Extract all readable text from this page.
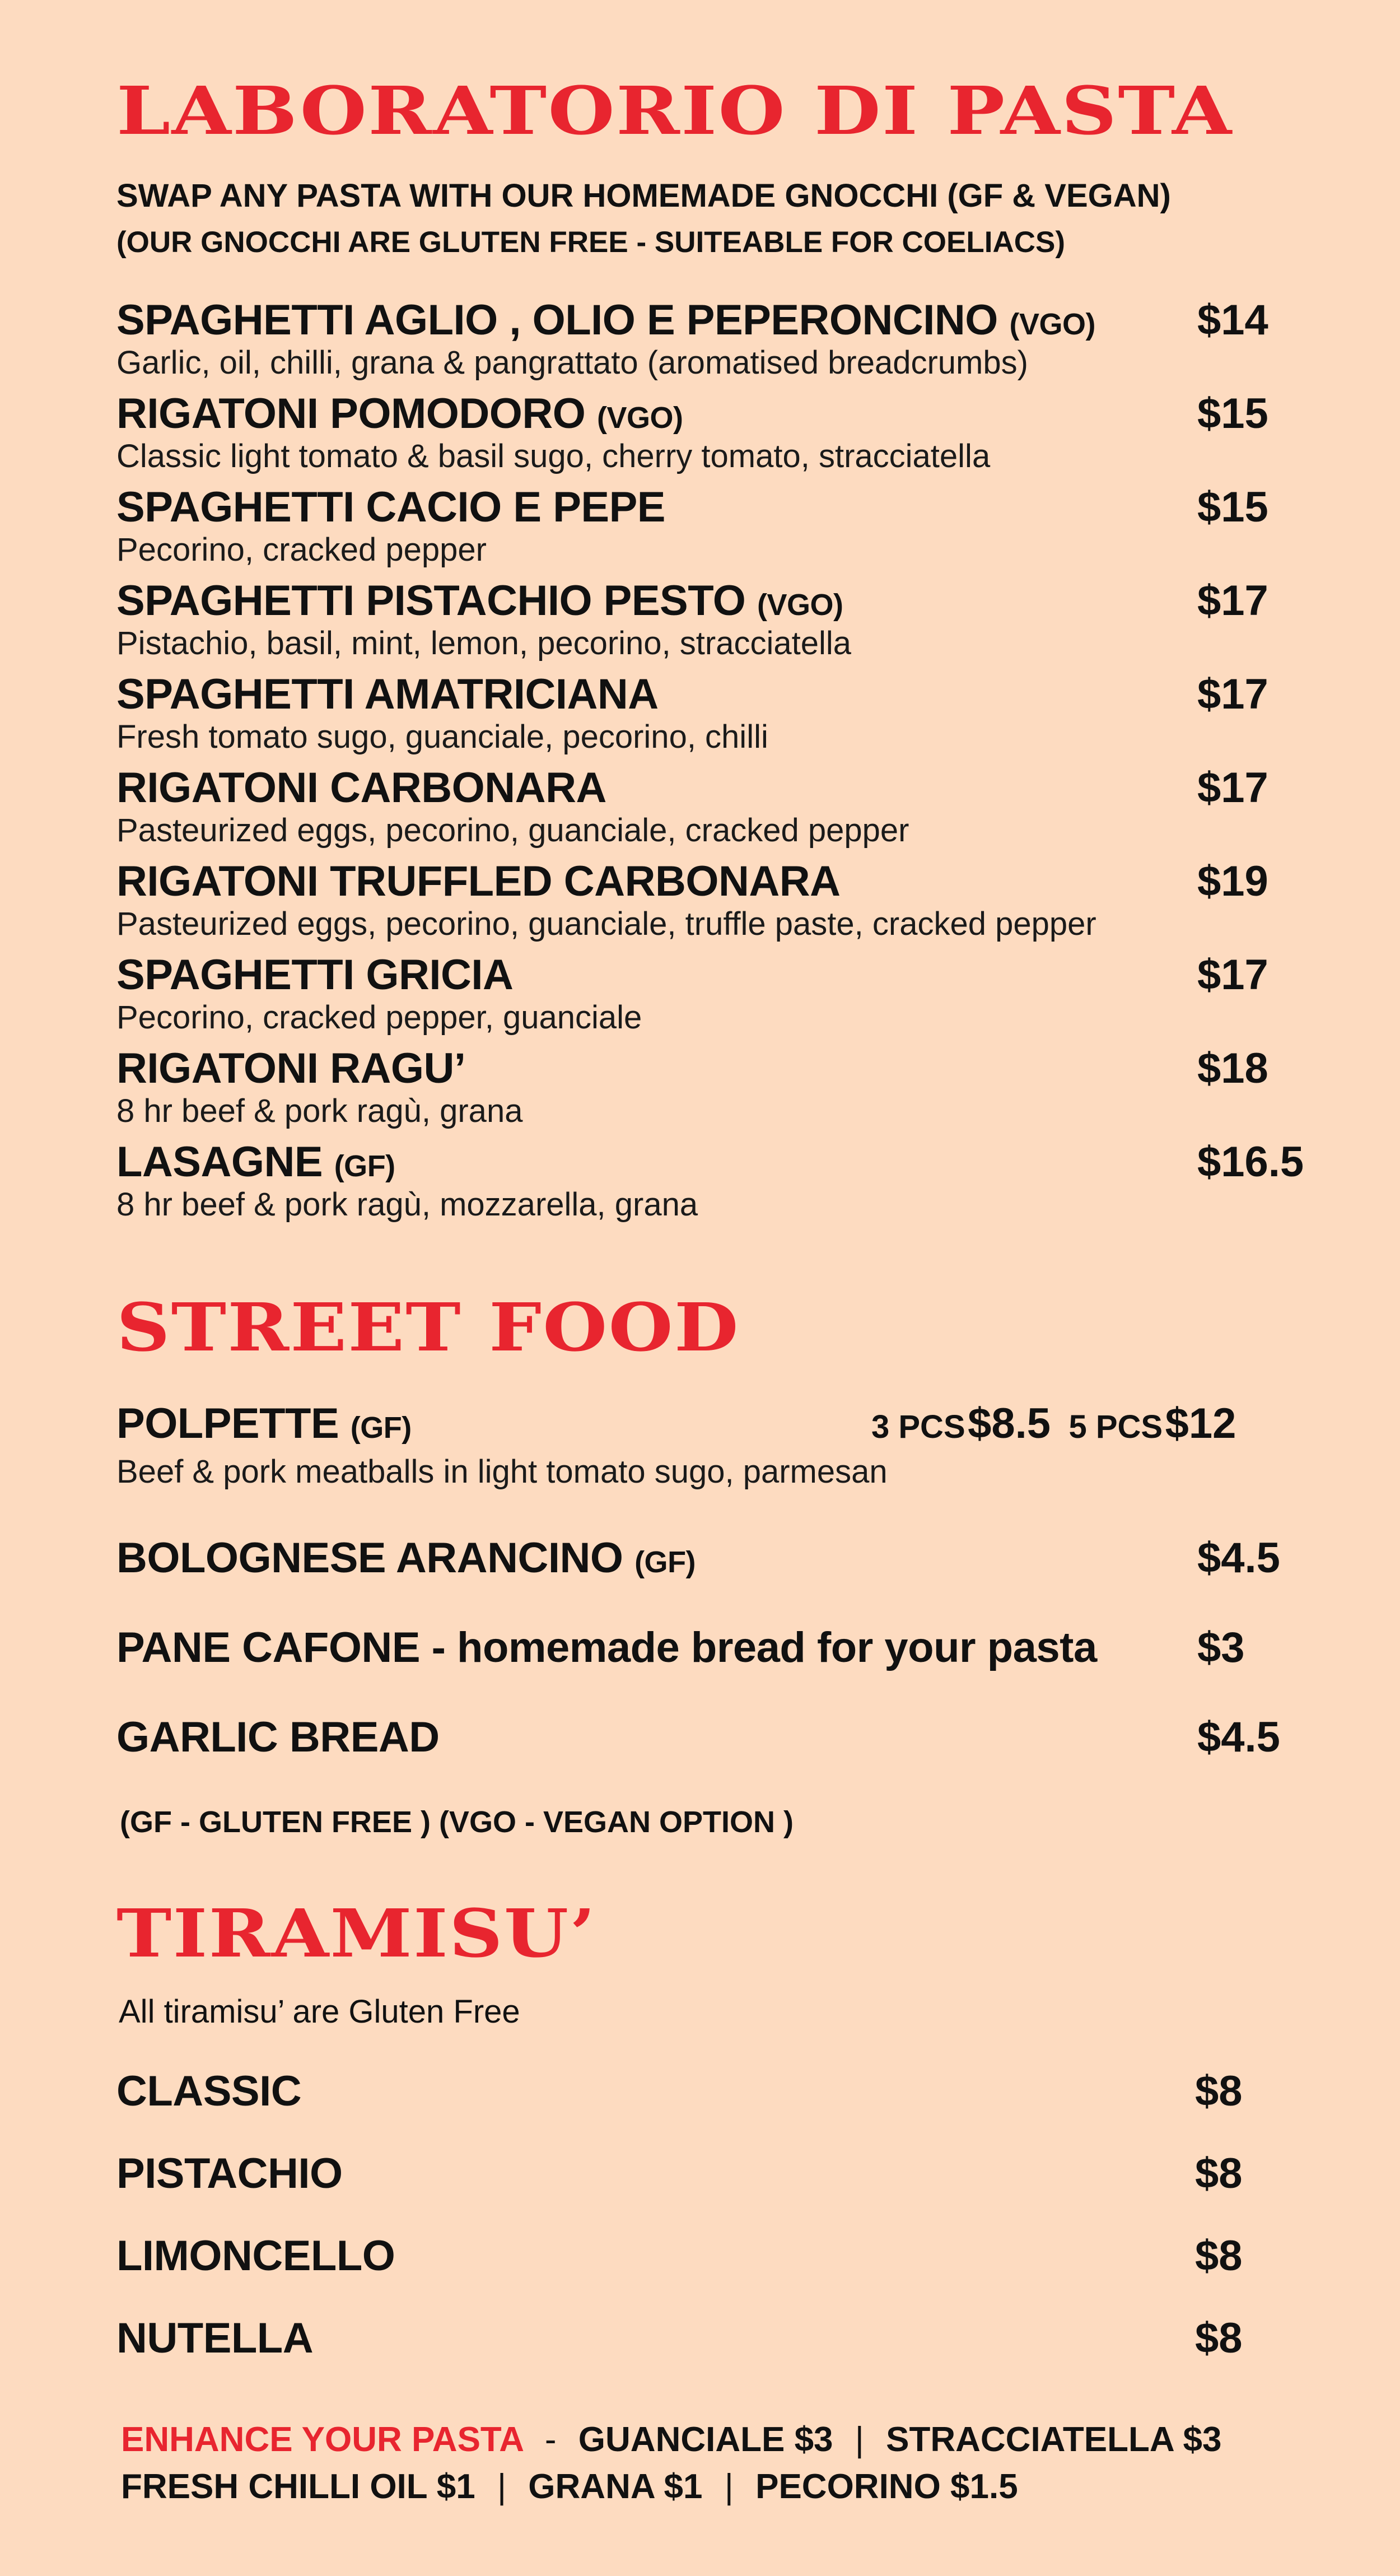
LABORATORIO DI PASTA
SWAP ANY PASTA WITH OUR HOMEMADE GNOCCHI (GF & VEGAN)
(OUR GNOCCHI ARE GLUTEN FREE - SUITEABLE FOR COELIACS)
SPAGHETTI AGLIO , OLIO E PEPERONCINO (VGO)
Garlic, oil, chilli, grana & pangrattato (aromatised breadcrumbs)
$14
RIGATONI POMODORO (VGO)
Classic light tomato & basil sugo, cherry tomato, stracciatella
$15
SPAGHETTI CACIO E PEPE
Pecorino, cracked pepper
$15
SPAGHETTI PISTACHIO PESTO (VGO)
Pistachio, basil, mint, lemon, pecorino, stracciatella
$17
SPAGHETTI AMATRICIANA
Fresh tomato sugo, guanciale, pecorino, chilli
$17
RIGATONI CARBONARA
Pasteurized eggs, pecorino, guanciale, cracked pepper
$17
RIGATONI TRUFFLED CARBONARA
Pasteurized eggs, pecorino, guanciale, truffle paste, cracked pepper
$19
SPAGHETTI GRICIA
Pecorino, cracked pepper, guanciale
$17
RIGATONI RAGU’
8 hr beef & pork ragù, grana
$18
LASAGNE (GF)
8 hr beef & pork ragù, mozzarella, grana
$16.5
STREET FOOD
POLPETTE (GF)	3 PCS $8.5 5 PCS $12
Beef & pork meatballs in light tomato sugo, parmesan
BOLOGNESE ARANCINO (GF)	$4.5
PANE CAFONE - homemade bread for your pasta $3
GARLIC BREAD	$4.5
(GF - GLUTEN FREE ) (VGO - VEGAN OPTION )
TIRAMISU’
All tiramisu’ are Gluten Free
CLASSIC	$8
PISTACHIO	$8
LIMONCELLO	$8
NUTELLA	$8
ENHANCE YOUR PASTA - GUANCIALE $3 | STRACCIATELLA $3
FRESH CHILLI OIL $1 | GRANA $1 | PECORINO $1.5
